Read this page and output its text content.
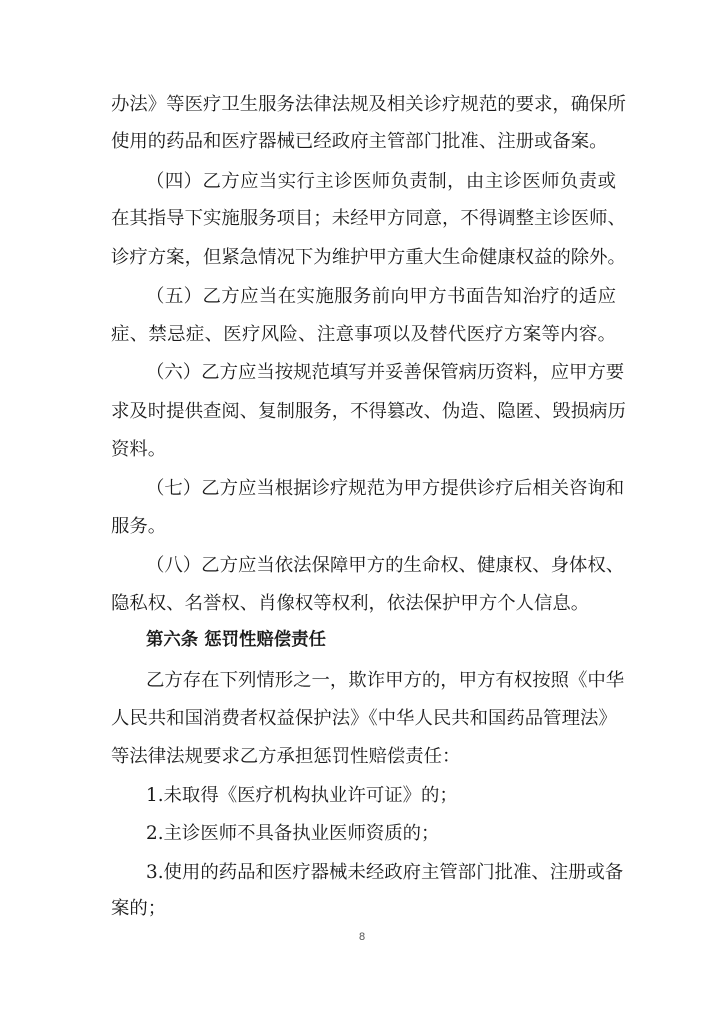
办法》等医疗卫生服务法律法规及相关诊疗规范的要求，确保所
使用的药品和医疗器械已经政府主管部门批准、注册或备案。
（四）乙方应当实行主诊医师负责制，由主诊医师负责或
在其指导下实施服务项目；未经甲方同意，不得调整主诊医师、
诊疗方案，但紧急情况下为维护甲方重大生命健康权益的除外。
（五）乙方应当在实施服务前向甲方书面告知治疗的适应
症、禁忌症、医疗风险、注意事项以及替代医疗方案等内容。
（六）乙方应当按规范填写并妥善保管病历资料，应甲方要
求及时提供查阅、复制服务，不得篡改、伪造、隐匿、毁损病历
资料。
（七）乙方应当根据诊疗规范为甲方提供诊疗后相关咨询和
服务。
（八）乙方应当依法保障甲方的生命权、健康权、身体权、
隐私权、名誉权、肖像权等权利，依法保护甲方个人信息。
第六条 惩罚性赔偿责任
乙方存在下列情形之一，欺诈甲方的，甲方有权按照《中华
人民共和国消费者权益保护法》《中华人民共和国药品管理法》
等法律法规要求乙方承担惩罚性赔偿责任：
1.未取得《医疗机构执业许可证》的；
2.主诊医师不具备执业医师资质的；
3.使用的药品和医疗器械未经政府主管部门批准、注册或备
案的；
8
